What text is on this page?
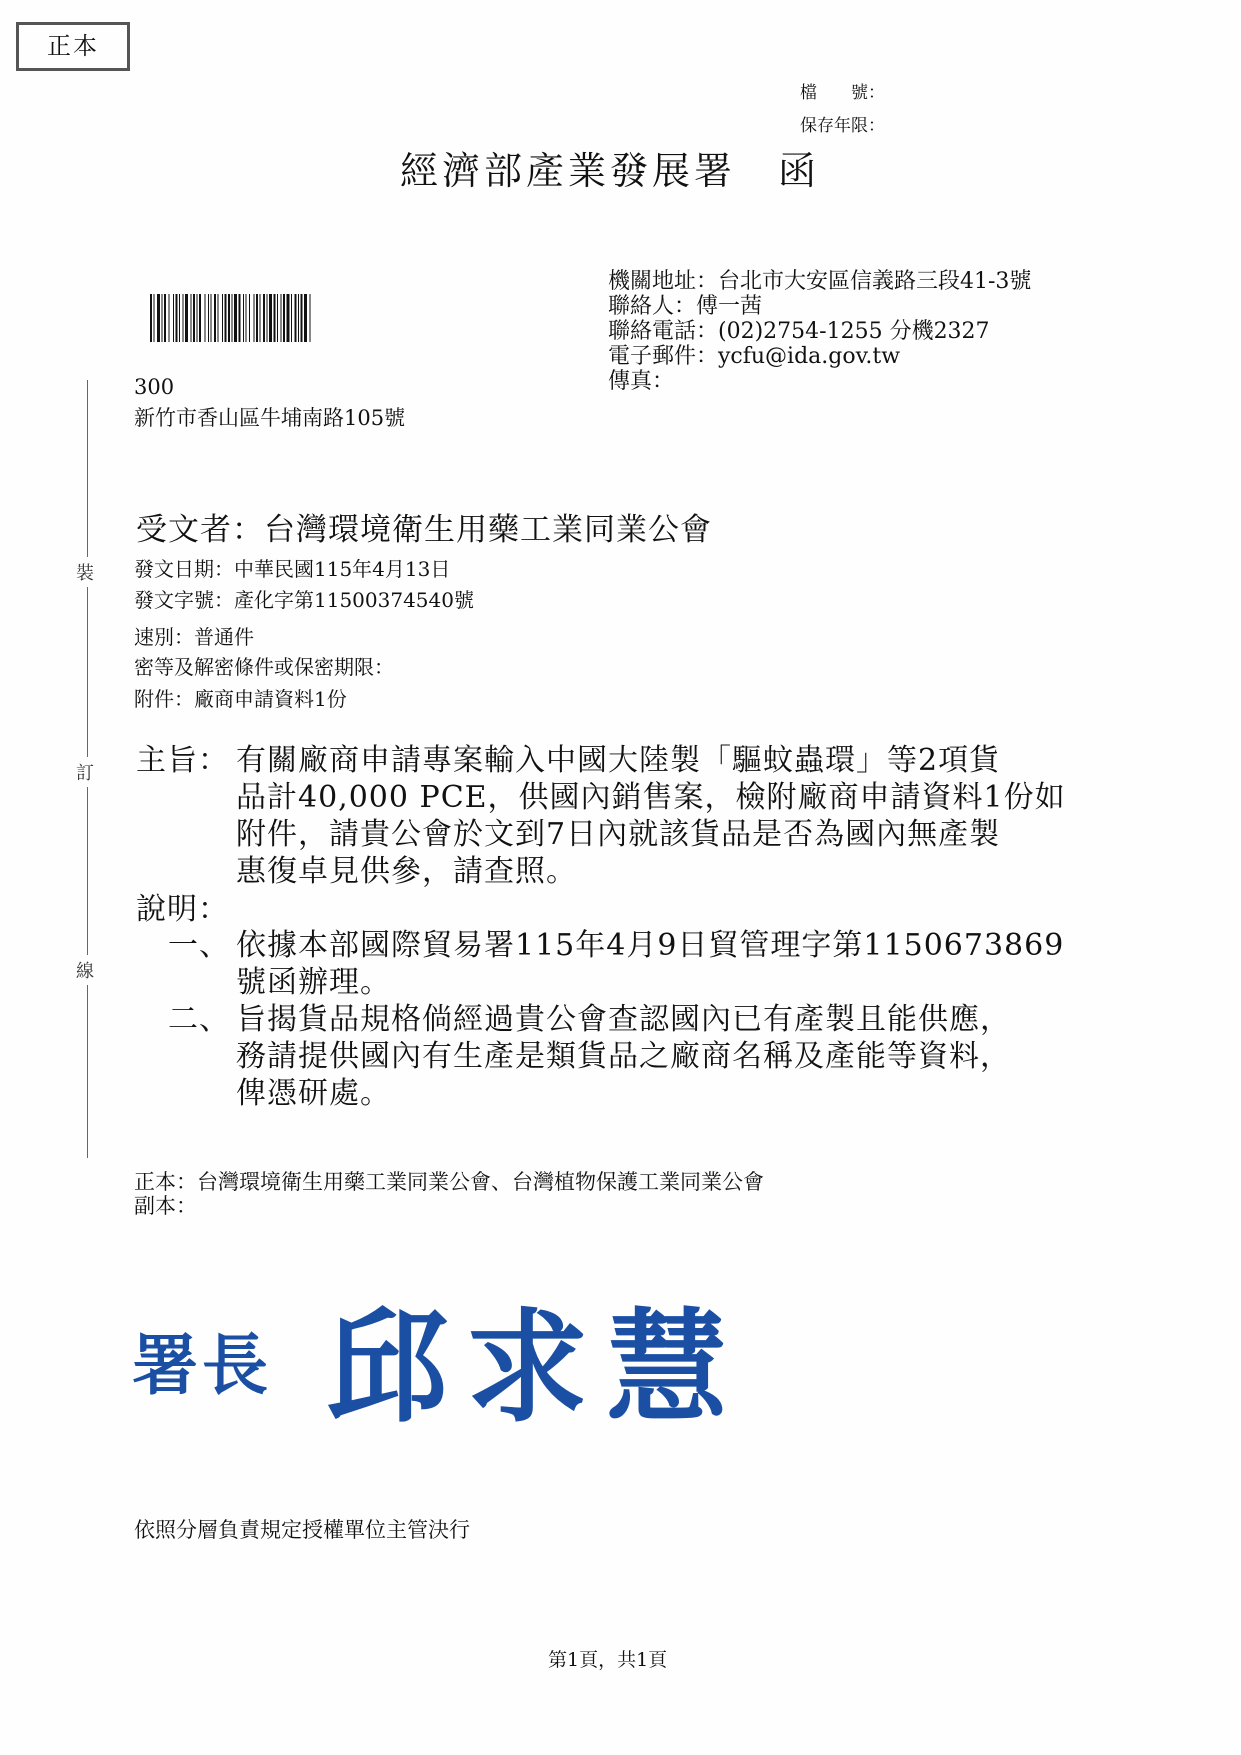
正本
檔　　號：
保存年限：
經濟部產業發展署　函
機關地址：台北市大安區信義路三段41-3號
聯絡人：傅一茜
聯絡電話：(02)2754-1255 分機2327
電子郵件：ycfu@ida.gov.tw
傳真：
300
新竹市香山區牛埔南路105號
裝
訂
線
受文者：台灣環境衛生用藥工業同業公會
發文日期：中華民國115年4月13日
發文字號：產化字第11500374540號
速別：普通件
密等及解密條件或保密期限：
附件：廠商申請資料1份
主旨： 有關廠商申請專案輸入中國大陸製「驅蚊蟲環」等2項貨
品計40,000 PCE，供國內銷售案，檢附廠商申請資料1份如
附件，請貴公會於文到7日內就該貨品是否為國內無產製
惠復卓見供參，請查照。
說明：
一、 依據本部國際貿易署115年4月9日貿管理字第1150673869
號函辦理。
二、 旨揭貨品規格倘經過貴公會查認國內已有產製且能供應，
務請提供國內有生產是類貨品之廠商名稱及產能等資料，
俾憑研處。
正本：台灣環境衛生用藥工業同業公會、台灣植物保護工業同業公會
副本：
署長 邱求慧
依照分層負責規定授權單位主管決行
第1頁，共1頁
